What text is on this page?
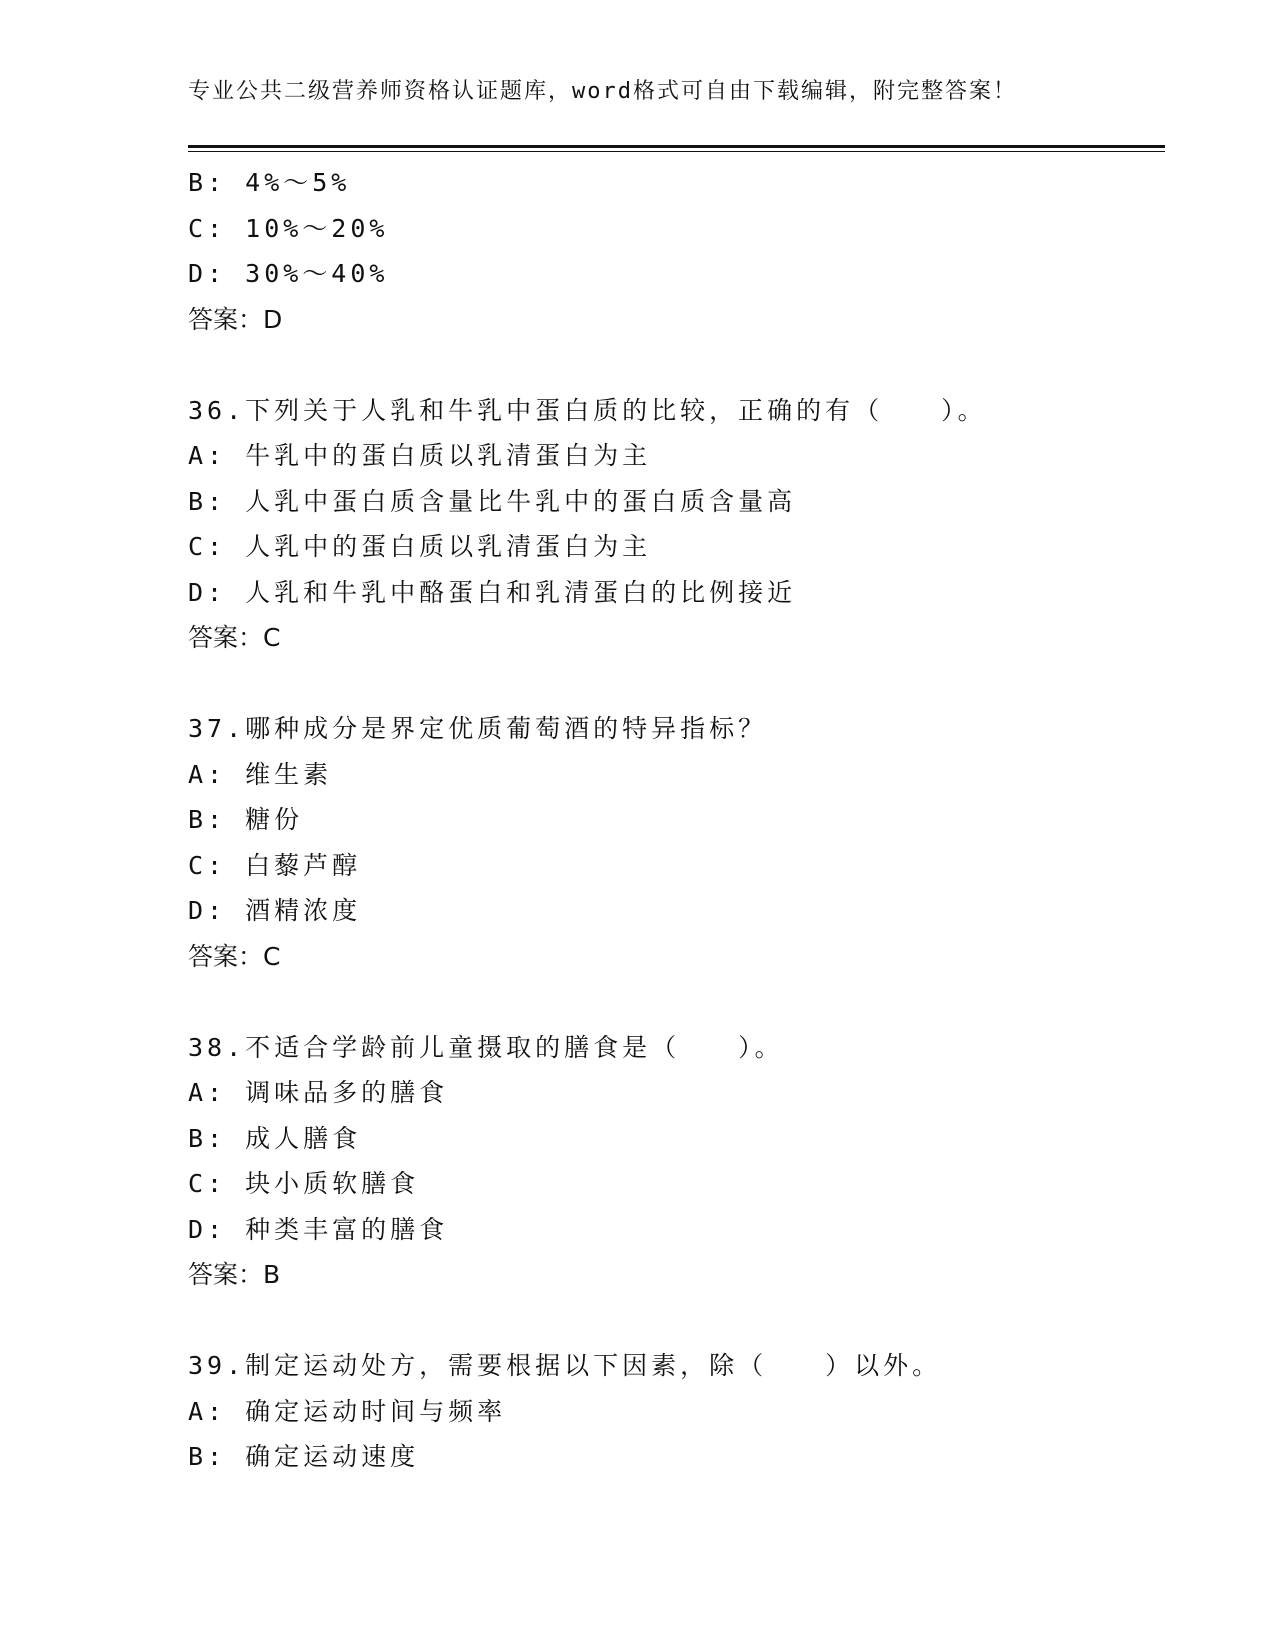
专业公共二级营养师资格认证题库，word格式可自由下载编辑，附完整答案！
B: 4%～5%
C: 10%～20%
D: 30%～40%
答案：D
36.下列关于人乳和牛乳中蛋白质的比较，正确的有（　　）。
A: 牛乳中的蛋白质以乳清蛋白为主
B: 人乳中蛋白质含量比牛乳中的蛋白质含量高
C: 人乳中的蛋白质以乳清蛋白为主
D: 人乳和牛乳中酪蛋白和乳清蛋白的比例接近
答案：C
37.哪种成分是界定优质葡萄酒的特异指标？
A: 维生素
B: 糖份
C: 白藜芦醇
D: 酒精浓度
答案：C
38.不适合学龄前儿童摄取的膳食是（　　）。
A: 调味品多的膳食
B: 成人膳食
C: 块小质软膳食
D: 种类丰富的膳食
答案：B
39.制定运动处方，需要根据以下因素，除（　　）以外。
A: 确定运动时间与频率
B: 确定运动速度
